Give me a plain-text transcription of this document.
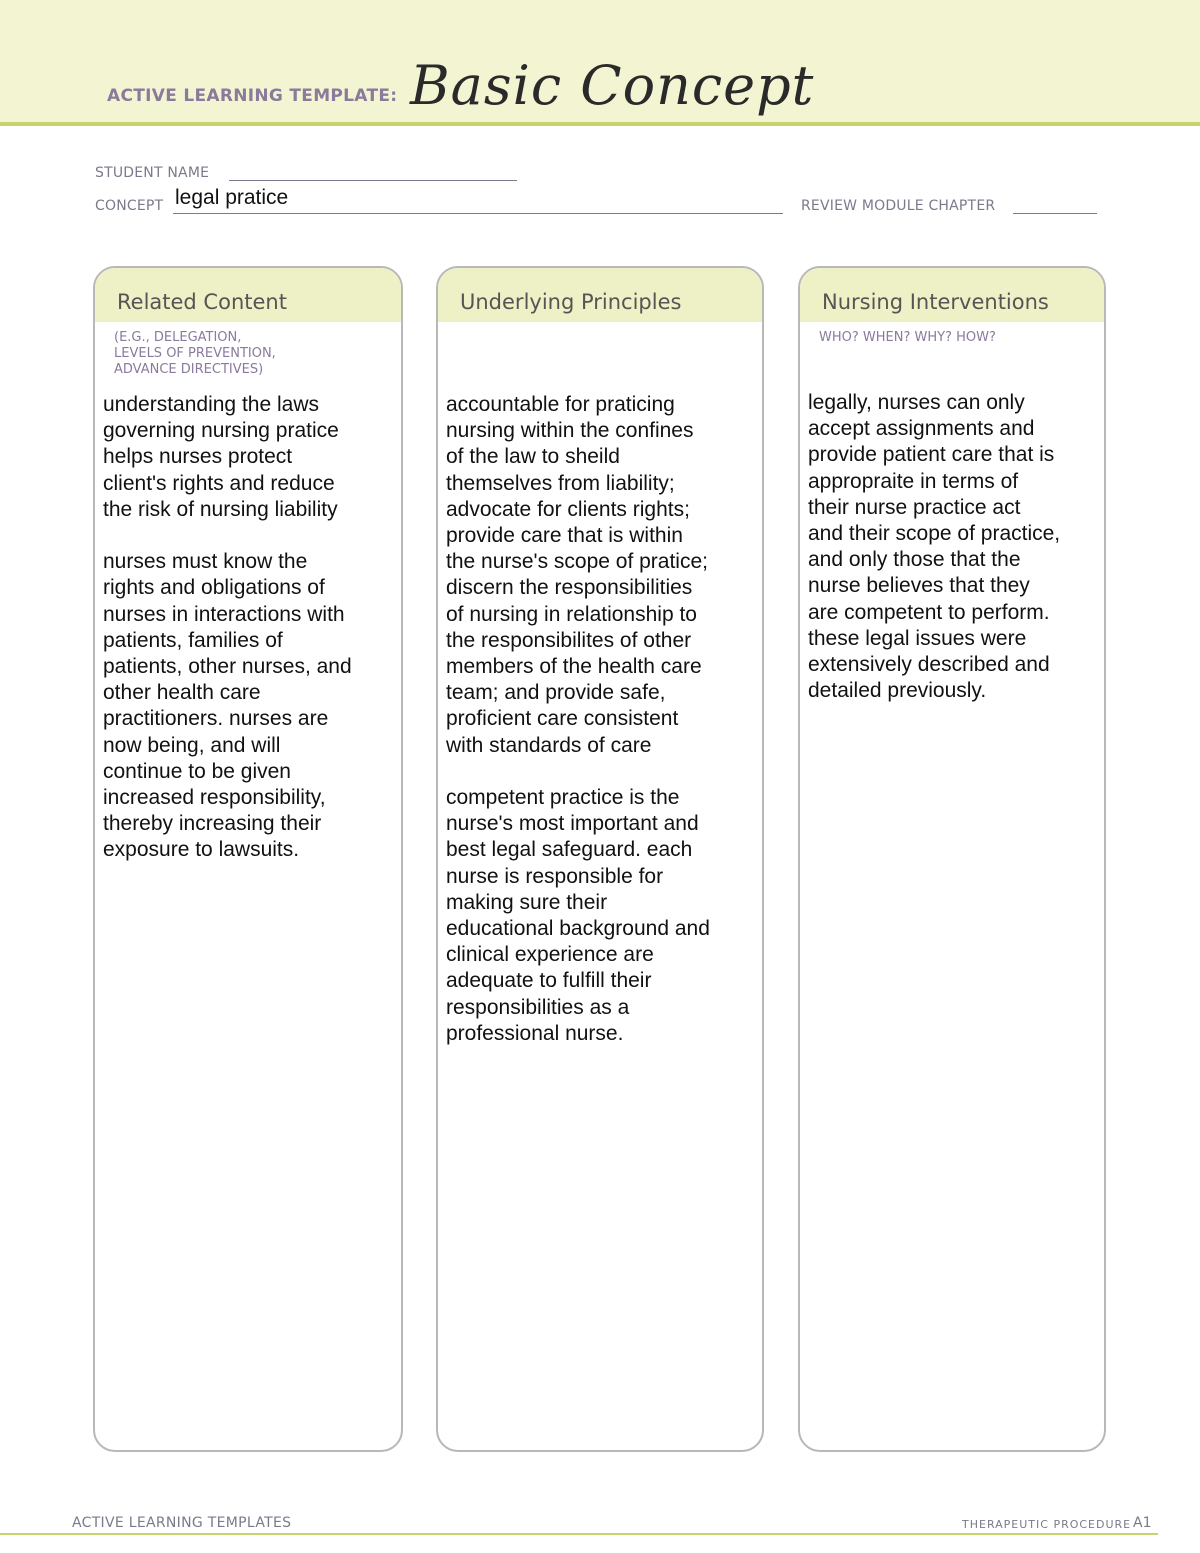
ACTIVE LEARNING TEMPLATE: Basic Concept
STUDENT NAME
CONCEPT legal pratice	REVIEW MODULE CHAPTER
Related Content
(E.G., DELEGATION,
LEVELS OF PREVENTION,
ADVANCE DIRECTIVES)
understanding the laws
governing nursing pratice
helps nurses protect
client's rights and reduce
the risk of nursing liability

nurses must know the
rights and obligations of
nurses in interactions with
patients, families of
patients, other nurses, and
other health care
practitioners. nurses are
now being, and will
continue to be given
increased responsibility,
thereby increasing their
exposure to lawsuits.
Underlying Principles
accountable for praticing
nursing within the confines
of the law to sheild
themselves from liability;
advocate for clients rights;
provide care that is within
the nurse's scope of pratice;
discern the responsibilities
of nursing in relationship to
the responsibilites of other
members of the health care
team; and provide safe,
proficient care consistent
with standards of care

competent practice is the
nurse's most important and
best legal safeguard. each
nurse is responsible for
making sure their
educational background and
clinical experience are
adequate to fulfill their
responsibilities as a
professional nurse.
Nursing Interventions
WHO? WHEN? WHY? HOW?
legally, nurses can only
accept assignments and
provide patient care that is
appropraite in terms of
their nurse practice act
and their scope of practice,
and only those that the
nurse believes that they
are competent to perform.
these legal issues were
extensively described and
detailed previously.
ACTIVE LEARNING TEMPLATES	THERAPEUTIC PROCEDURE A1
